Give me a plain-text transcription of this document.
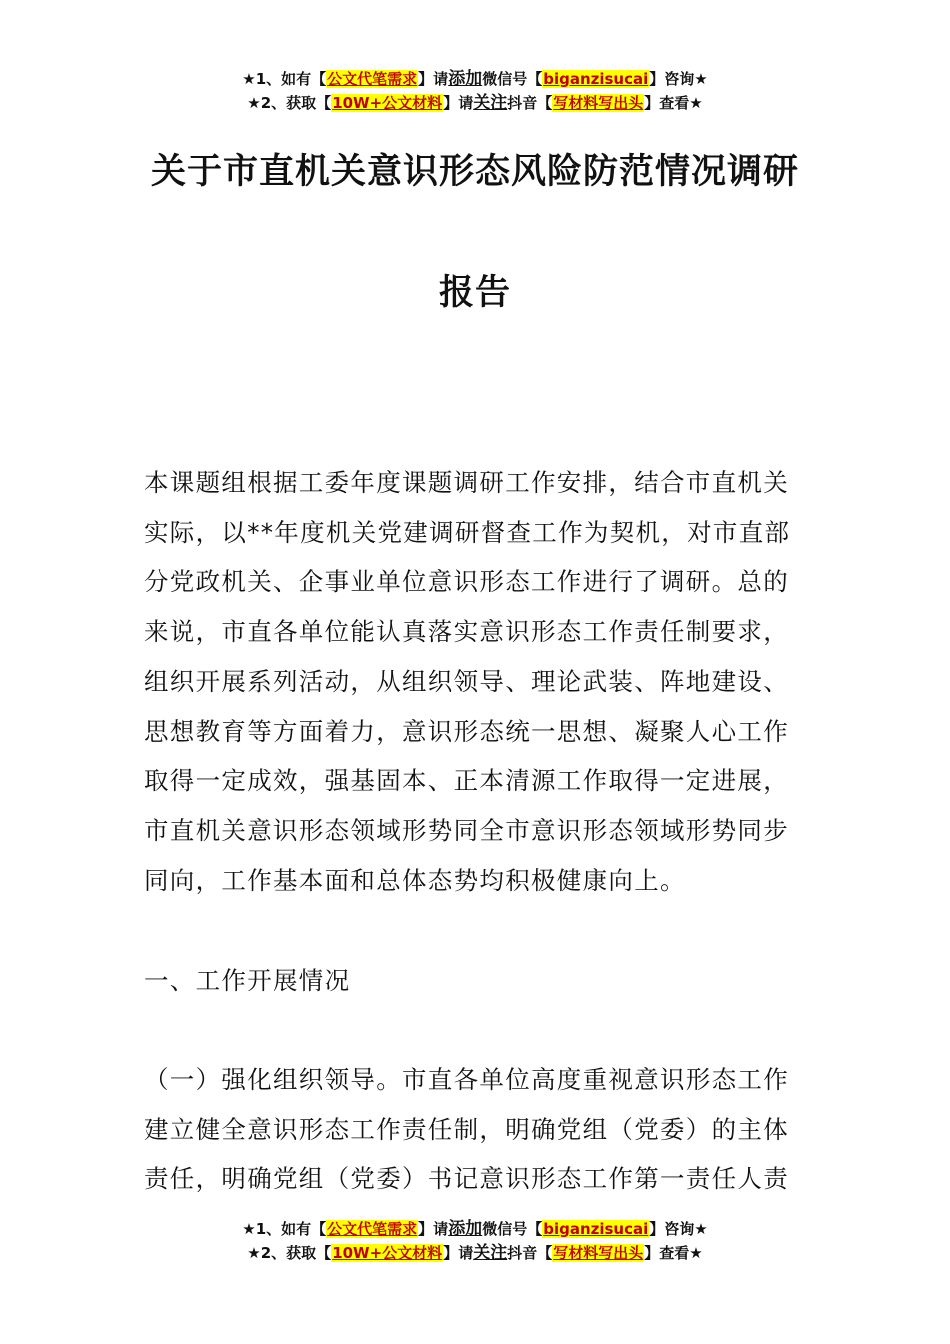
★1、如有【公文代笔需求】请添加微信号【biganzisucai】咨询★
★2、获取【10W+公文材料】请关注抖音【写材料写出头】查看★
关于市直机关意识形态风险防范情况调研
报告
本课题组根据工委年度课题调研工作安排，结合市直机关
实际，以**年度机关党建调研督查工作为契机，对市直部
分党政机关、企事业单位意识形态工作进行了调研。总的
来说，市直各单位能认真落实意识形态工作责任制要求，
组织开展系列活动，从组织领导、理论武装、阵地建设、
思想教育等方面着力，意识形态统一思想、凝聚人心工作
取得一定成效，强基固本、正本清源工作取得一定进展，
市直机关意识形态领域形势同全市意识形态领域形势同步
同向，工作基本面和总体态势均积极健康向上。
一、工作开展情况
（一）强化组织领导。市直各单位高度重视意识形态工作
建立健全意识形态工作责任制，明确党组（党委）的主体
责任，明确党组（党委）书记意识形态工作第一责任人责
★1、如有【公文代笔需求】请添加微信号【biganzisucai】咨询★
★2、获取【10W+公文材料】请关注抖音【写材料写出头】查看★
